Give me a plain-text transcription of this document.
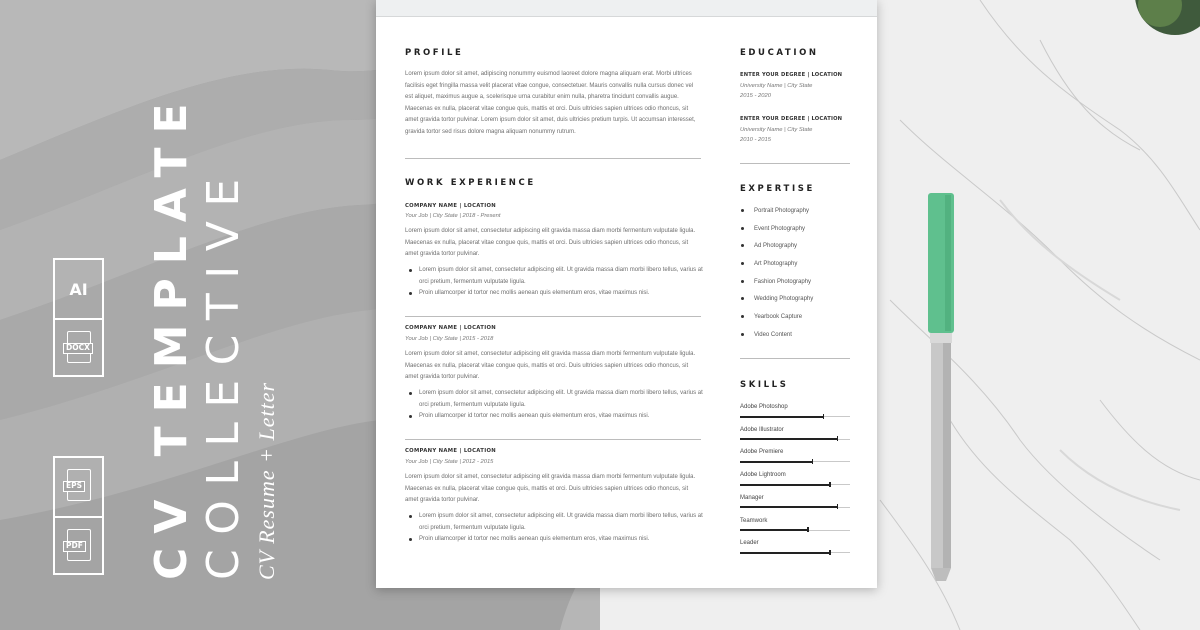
AI
DOCX
EPS
PDF CV TEMPLATE COLLECTIVE CV Resume + Letter
PROFILE
Lorem ipsum dolor sit amet, adipiscing nonummy euismod laoreet dolore magna aliquam erat. Morbi ultrices facilisis eget fringilla massa velit placerat vitae congue, consectetuer. Mauris convallis nulla cursus donec vel est aliquet, maximus augue a, scelerisque urna curabitur enim nulla, pharetra tincidunt convallis augue. Maecenas ex nulla, placerat vitae congue quis, mattis et orci. Duis ultricies sapien ultrices odio rhoncus, sit amet gravida tortor pulvinar. Lorem ipsum dolor sit amet, duis ultricies pretium turpis. Ut accumsan interesset, gravida tortor sed risus dolore magna aliquam nonummy rutrum.
WORK EXPERIENCE
COMPANY NAME | LOCATION
Your Job | City State | 2018 - Present
Lorem ipsum dolor sit amet, consectetur adipiscing elit gravida massa diam morbi fermentum vulputate ligula. Maecenas ex nulla, placerat vitae congue quis, mattis et orci. Duis ultricies sapien ultrices odio rhoncus, sit amet gravida tortor pulvinar.
Lorem ipsum dolor sit amet, consectetur adipiscing elit. Ut gravida massa diam morbi libero tellus, varius at orci pretium, fermentum vulputate ligula.
Proin ullamcorper id tortor nec mollis aenean quis elementum eros, vitae maximus nisi.
COMPANY NAME | LOCATION
Your Job | City State | 2015 - 2018
Lorem ipsum dolor sit amet, consectetur adipiscing elit gravida massa diam morbi fermentum vulputate ligula. Maecenas ex nulla, placerat vitae congue quis, mattis et orci. Duis ultricies sapien ultrices odio rhoncus, sit amet gravida tortor pulvinar.
Lorem ipsum dolor sit amet, consectetur adipiscing elit. Ut gravida massa diam morbi libero tellus, varius at orci pretium, fermentum vulputate ligula.
Proin ullamcorper id tortor nec mollis aenean quis elementum eros, vitae maximus nisi.
COMPANY NAME | LOCATION
Your Job | City State | 2012 - 2015
Lorem ipsum dolor sit amet, consectetur adipiscing elit gravida massa diam morbi fermentum vulputate ligula. Maecenas ex nulla, placerat vitae congue quis, mattis et orci. Duis ultricies sapien ultrices odio rhoncus, sit amet gravida tortor pulvinar.
Lorem ipsum dolor sit amet, consectetur adipiscing elit. Ut gravida massa diam morbi libero tellus, varius at orci pretium, fermentum vulputate ligula.
Proin ullamcorper id tortor nec mollis aenean quis elementum eros, vitae maximus nisi.
EDUCATION
ENTER YOUR DEGREE | LOCATION
University Name | City State
2015 - 2020
ENTER YOUR DEGREE | LOCATION
University Name | City State
2010 - 2015
EXPERTISE
Portrait Photography
Event Photography
Ad Photography
Art Photography
Fashion Photography
Wedding Photography
Yearbook Capture
Video Content
SKILLS
Adobe Photoshop
Adobe Illustrator
Adobe Premiere
Adobe Lightroom
Manager
Teamwork
Leader
